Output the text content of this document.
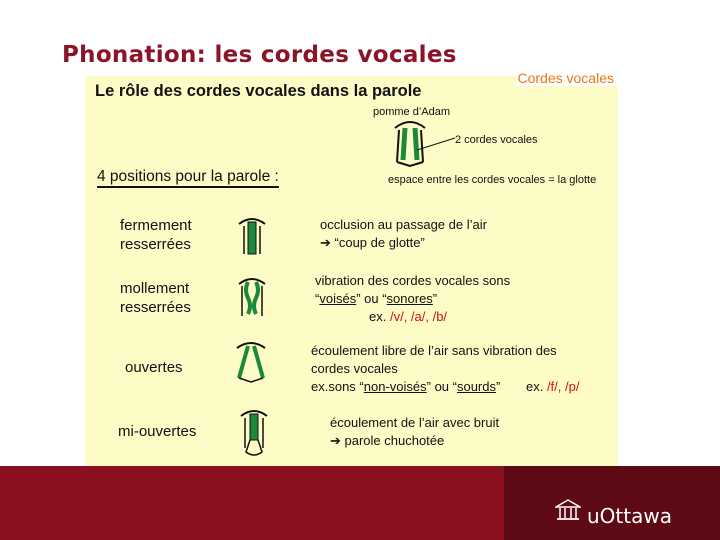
Phonation: les cordes vocales
Cordes vocales
Le rôle des cordes vocales dans la parole
pomme d’Adam
2 cordes vocales
espace entre les cordes vocales = la glotte
4 positions pour la parole :
fermement
resserrées
occlusion au passage de l’air
➔ “coup de glotte”
mollement
resserrées
vibration des cordes vocales sons
“voisés” ou “sonores”
ex. /v/, /a/, /b/
ouvertes
écoulement libre de l’air sans vibration des
cordes vocales
ex.sons “non-voisés” ou “sourds” ex. /f/, /p/
mi-ouvertes
écoulement de l’air avec bruit
➔ parole chuchotée
uOttawa
